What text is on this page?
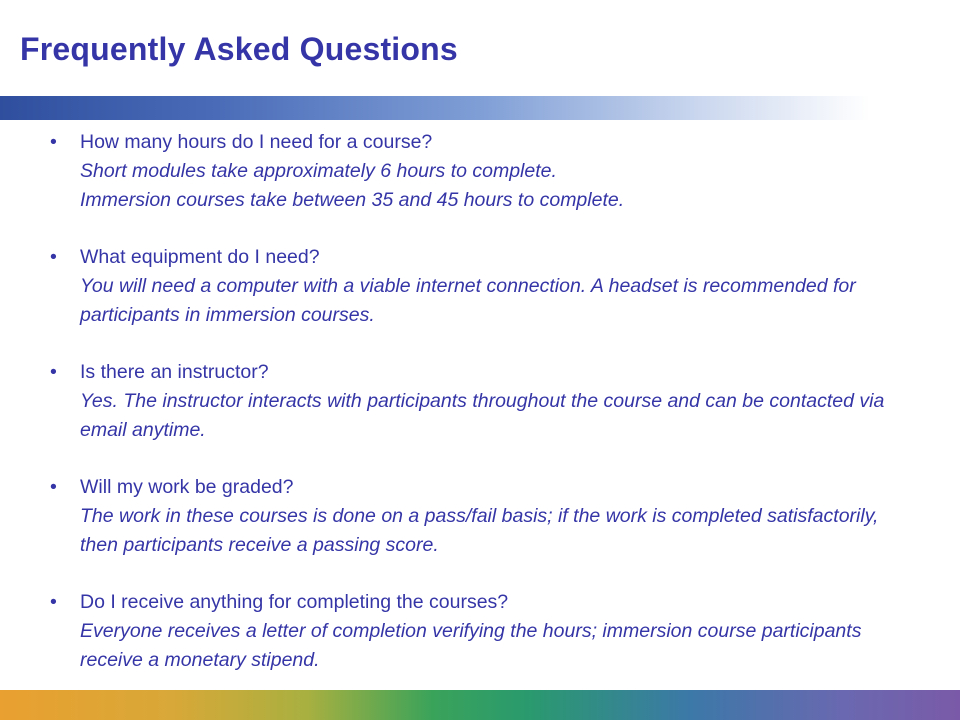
Frequently Asked Questions
• How many hours do I need for a course?
Short modules take approximately 6 hours to complete.
Immersion courses take between 35 and 45 hours to complete.
• What equipment do I need?
You will need a computer with a viable internet connection. A headset is recommended for participants in immersion courses.
• Is there an instructor?
Yes. The instructor interacts with participants throughout the course and can be contacted via email anytime.
• Will my work be graded?
The work in these courses is done on a pass/fail basis; if the work is completed satisfactorily, then participants receive a passing score.
• Do I receive anything for completing the courses?
Everyone receives a letter of completion verifying the hours; immersion course participants receive a monetary stipend.
